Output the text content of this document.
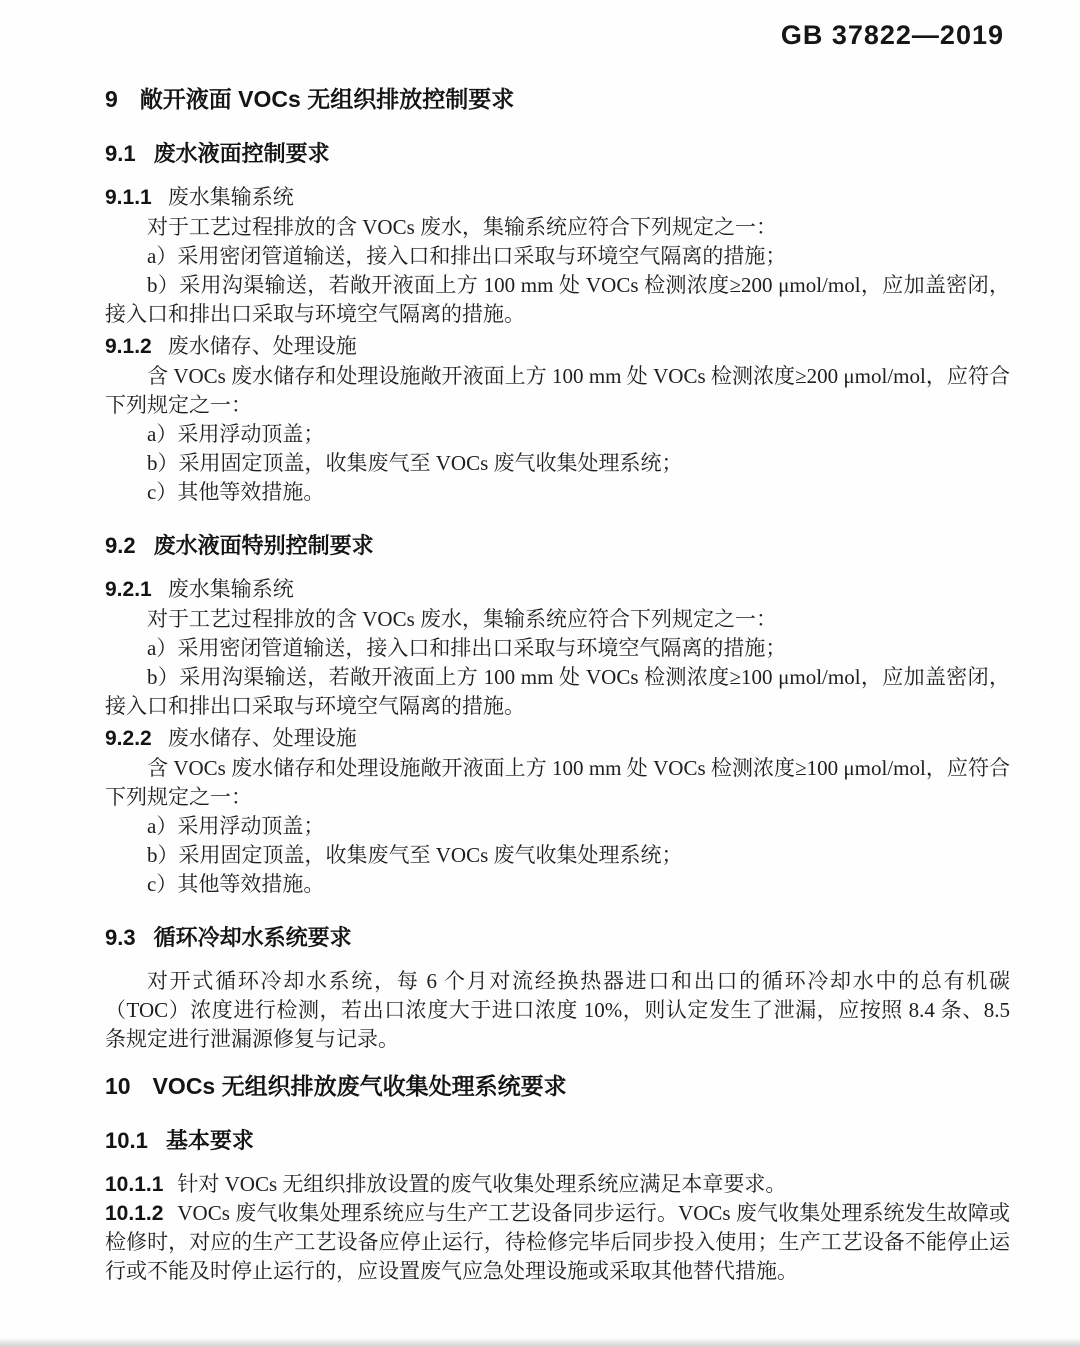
GB 37822—2019
9 敞开液面 VOCs 无组织排放控制要求
9.1 废水液面控制要求
9.1.1 废水集输系统

对于工艺过程排放的含 VOCs 废水，集输系统应符合下列规定之一：

a）采用密闭管道输送，接入口和排出口采取与环境空气隔离的措施；

b）采用沟渠输送，若敞开液面上方 100 mm 处 VOCs 检测浓度≥200 μmol/mol，应加盖密闭，接入口和排出口采取与环境空气隔离的措施。

9.1.2 废水储存、处理设施

含 VOCs 废水储存和处理设施敞开液面上方 100 mm 处 VOCs 检测浓度≥200 μmol/mol，应符合下列规定之一：

a）采用浮动顶盖；

b）采用固定顶盖，收集废气至 VOCs 废气收集处理系统；

c）其他等效措施。

9.2 废水液面特别控制要求
9.2.1 废水集输系统

对于工艺过程排放的含 VOCs 废水，集输系统应符合下列规定之一：

a）采用密闭管道输送，接入口和排出口采取与环境空气隔离的措施；

b）采用沟渠输送，若敞开液面上方 100 mm 处 VOCs 检测浓度≥100 μmol/mol，应加盖密闭，接入口和排出口采取与环境空气隔离的措施。

9.2.2 废水储存、处理设施

含 VOCs 废水储存和处理设施敞开液面上方 100 mm 处 VOCs 检测浓度≥100 μmol/mol，应符合下列规定之一：

a）采用浮动顶盖；

b）采用固定顶盖，收集废气至 VOCs 废气收集处理系统；

c）其他等效措施。

9.3 循环冷却水系统要求

对开式循环冷却水系统，每 6 个月对流经换热器进口和出口的循环冷却水中的总有机碳（TOC）浓度进行检测，若出口浓度大于进口浓度 10%，则认定发生了泄漏，应按照 8.4 条、8.5 条规定进行泄漏源修复与记录。

10 VOCs 无组织排放废气收集处理系统要求
10.1 基本要求

10.1.1 针对 VOCs 无组织排放设置的废气收集处理系统应满足本章要求。

10.1.2 VOCs 废气收集处理系统应与生产工艺设备同步运行。VOCs 废气收集处理系统发生故障或检修时，对应的生产工艺设备应停止运行，待检修完毕后同步投入使用；生产工艺设备不能停止运行或不能及时停止运行的，应设置废气应急处理设施或采取其他替代措施。
